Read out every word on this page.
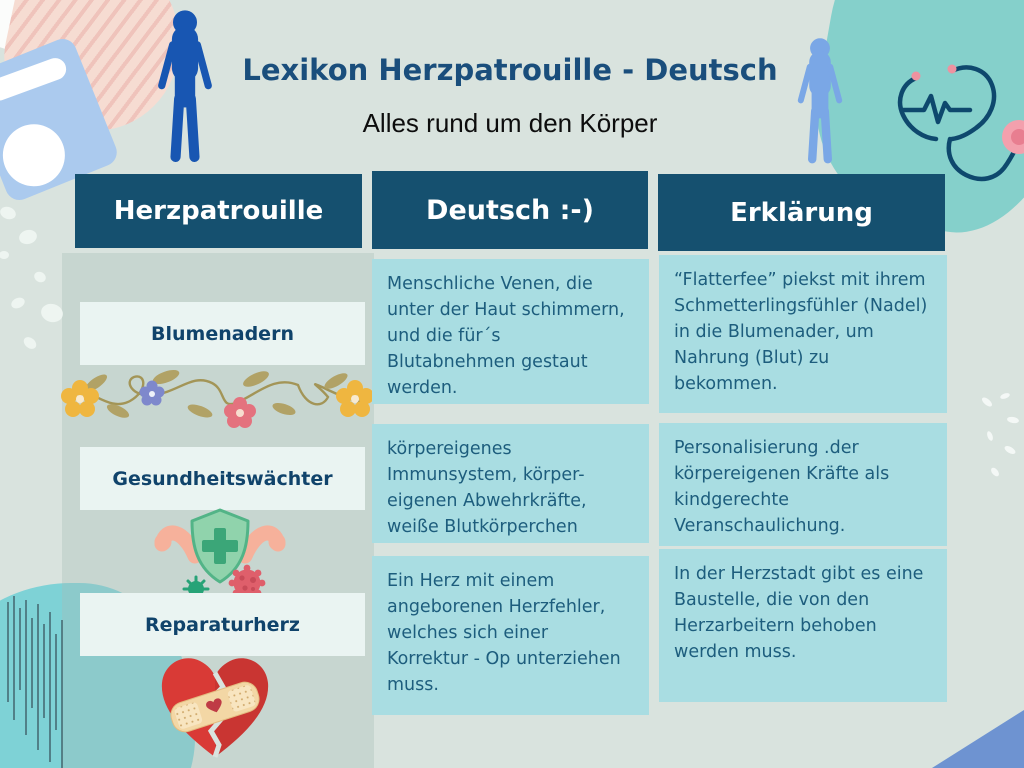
Lexikon Herzpatrouille - Deutsch
Alles rund um den Körper
Herzpatrouille	Deutsch :-)	Erklärung
Blumenadern
Menschliche Venen, die unter der Haut schimmern, und die für´s Blutabnehmen gestaut werden.
“Flatterfee” piekst mit ihrem Schmetterlingsfühler (Nadel) in die Blumenader, um Nahrung (Blut) zu bekommen.
Gesundheitswächter
körpereigenes Immunsystem, körper-eigenen Abwehrkräfte, weiße Blutkörperchen
Personalisierung .der körpereigenen Kräfte als kindgerechte Veranschaulichung.
Reparaturherz
Ein Herz mit einem angeborenen Herzfehler, welches sich einer Korrektur - Op unterziehen muss.
In der Herzstadt gibt es eine Baustelle, die von den Herzarbeitern behoben werden muss.
